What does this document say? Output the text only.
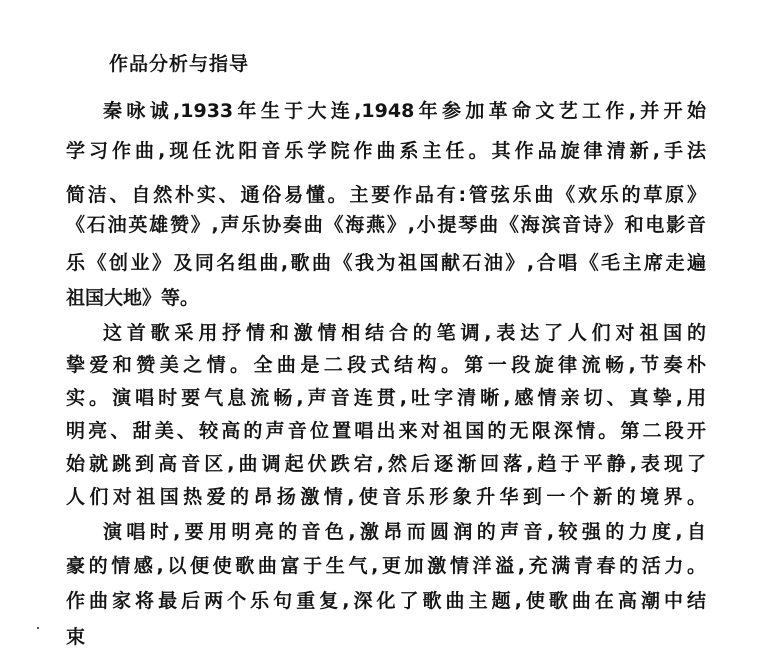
作品分析与指导
秦咏诚,1933年生于大连,1948年参加革命文艺工作,并开始
学习作曲,现任沈阳音乐学院作曲系主任。其作品旋律清新,手法
简洁、自然朴实、通俗易懂。主要作品有:管弦乐曲《欢乐的草原》
《石油英雄赞》,声乐协奏曲《海燕》,小提琴曲《海滨音诗》和电影音
乐《创业》及同名组曲,歌曲《我为祖国献石油》,合唱《毛主席走遍
祖国大地》等。
这首歌采用抒情和激情相结合的笔调,表达了人们对祖国的
挚爱和赞美之情。全曲是二段式结构。第一段旋律流畅,节奏朴
实。演唱时要气息流畅,声音连贯,吐字清晰,感情亲切、真挚,用
明亮、甜美、较高的声音位置唱出来对祖国的无限深情。第二段开
始就跳到高音区,曲调起伏跌宕,然后逐渐回落,趋于平静,表现了
人们对祖国热爱的昂扬激情,使音乐形象升华到一个新的境界。
演唱时,要用明亮的音色,激昂而圆润的声音,较强的力度,自
豪的情感,以便使歌曲富于生气,更加激情洋溢,充满青春的活力。
作曲家将最后两个乐句重复,深化了歌曲主题,使歌曲在高潮中结
束
